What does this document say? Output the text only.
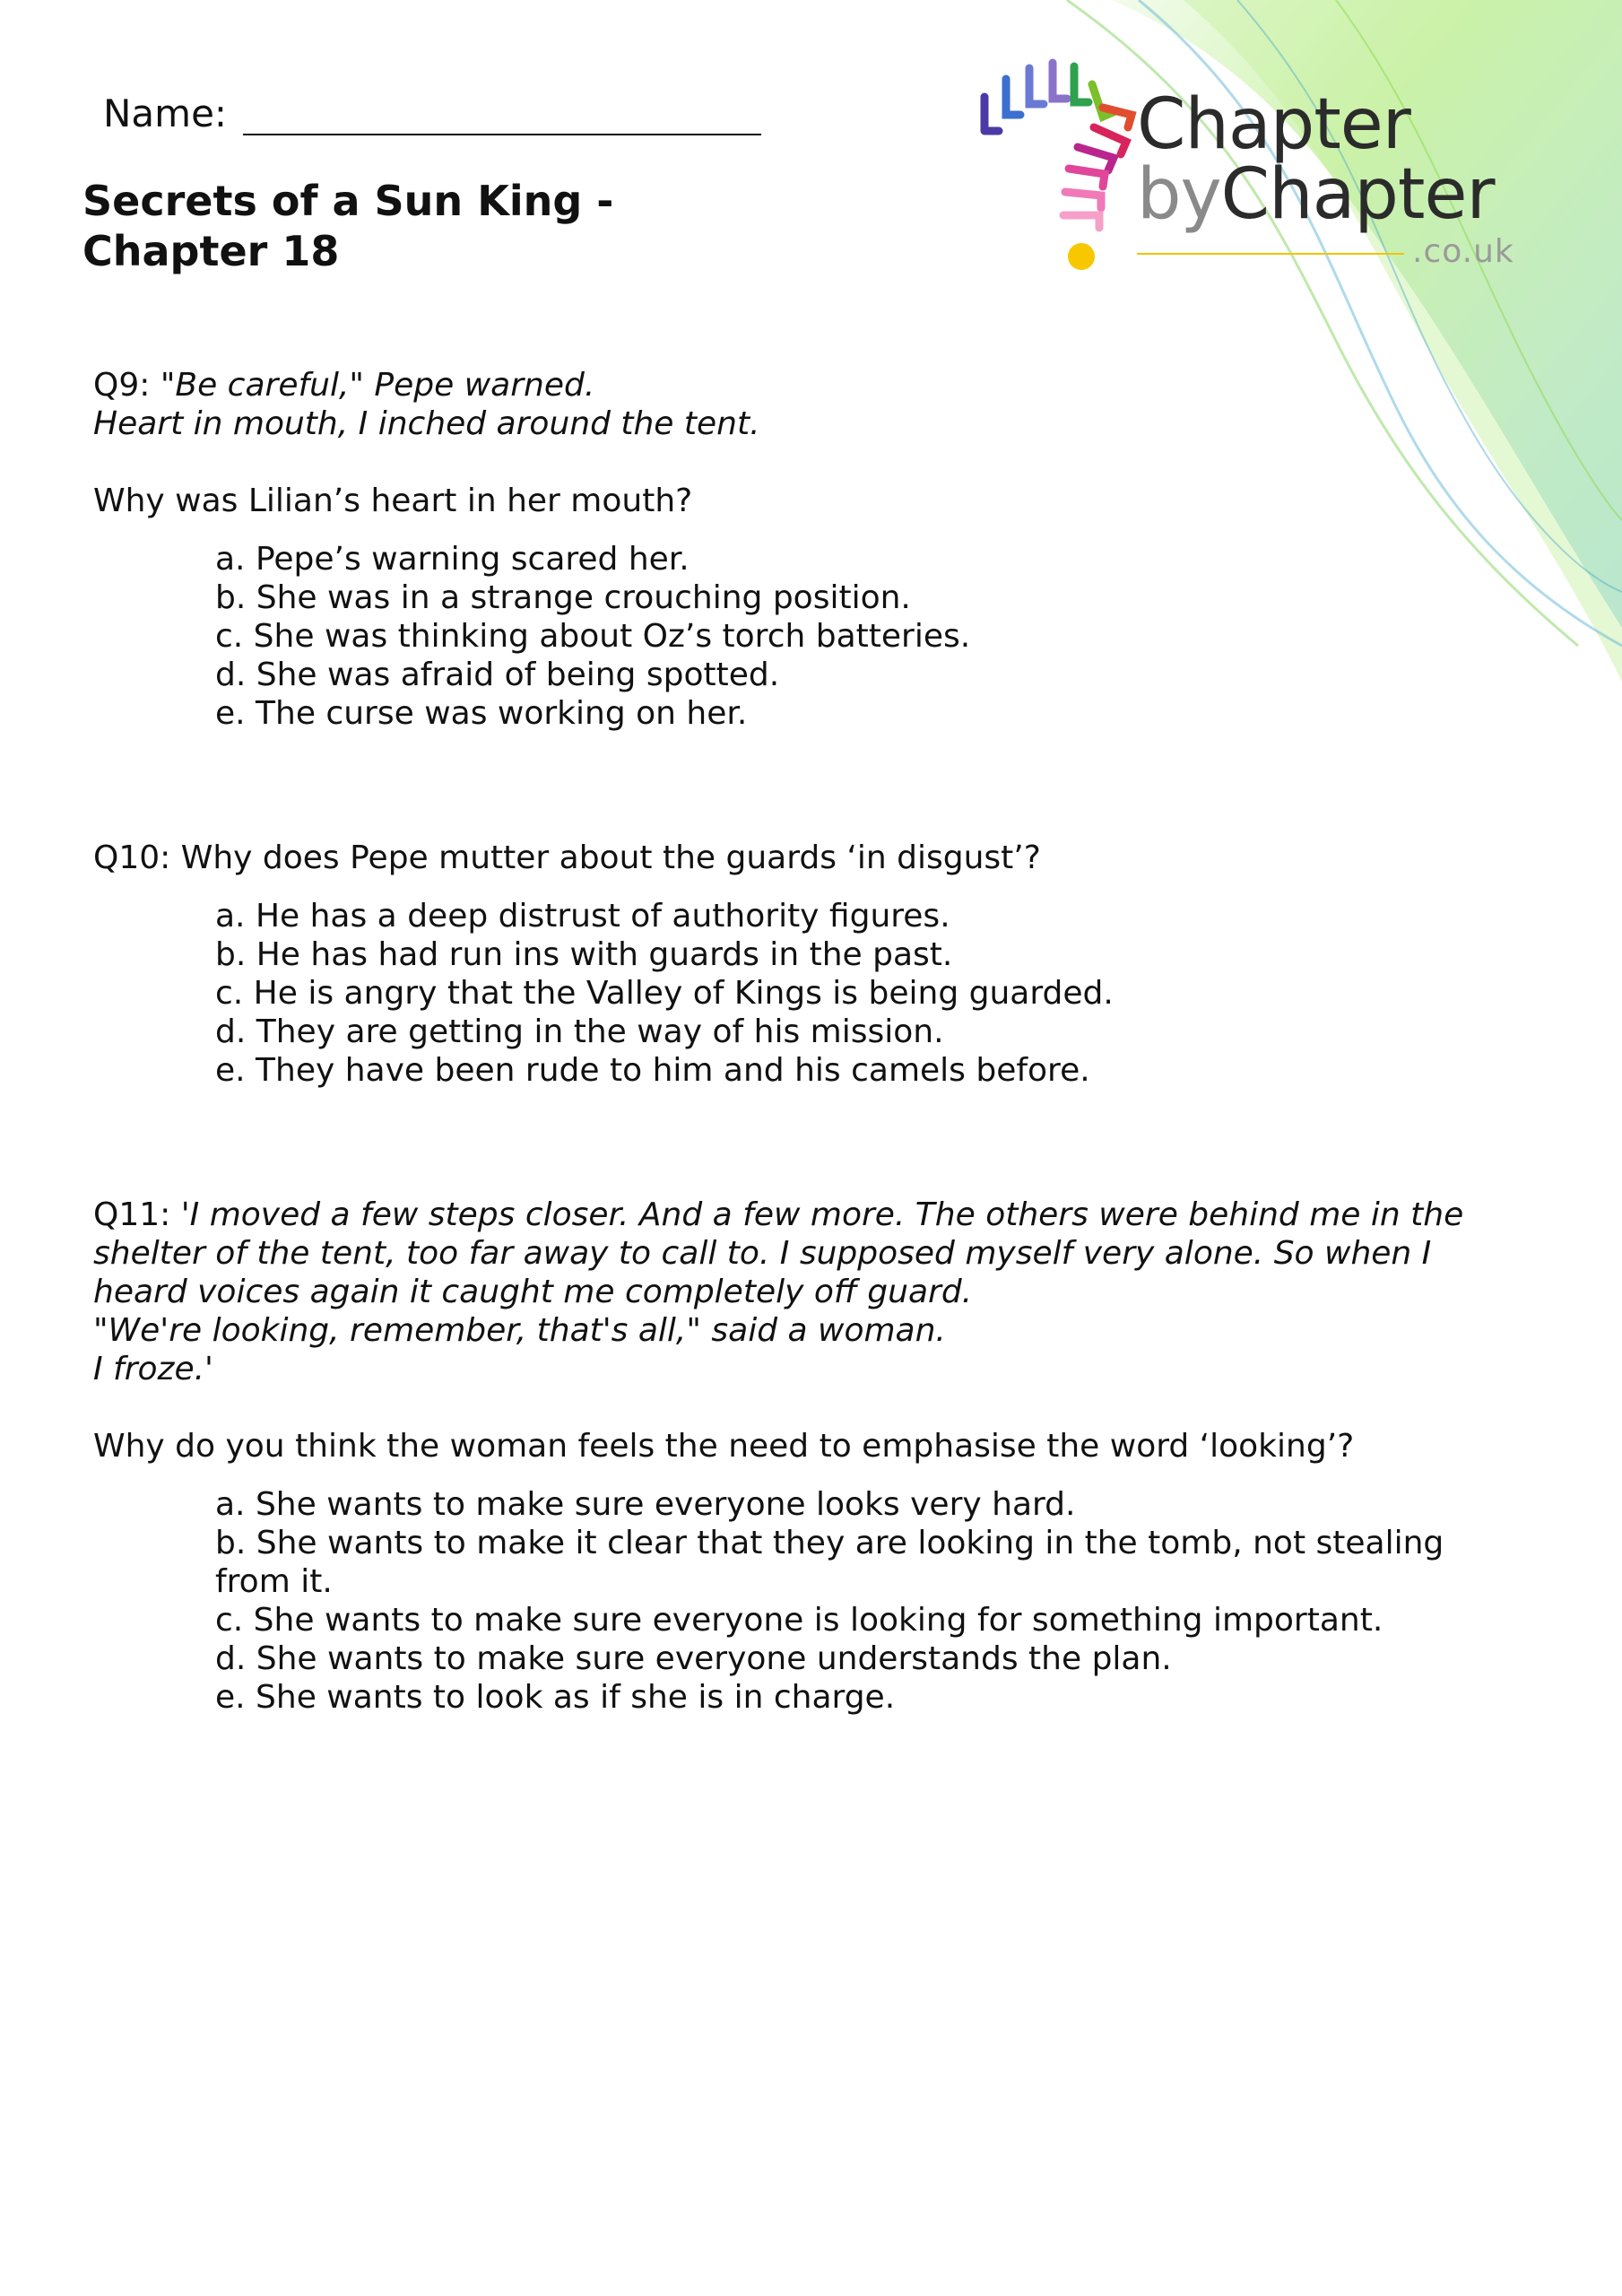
Chapter
byChapter
.co.uk
Name:
Secrets of a Sun King - Chapter 18
Q9: "Be careful," Pepe warned.
Heart in mouth, I inched around the tent.
Why was Lilian’s heart in her mouth?
a. Pepe’s warning scared her.
b. She was in a strange crouching position.
c. She was thinking about Oz’s torch batteries.
d. She was afraid of being spotted.
e. The curse was working on her.
Q10: Why does Pepe mutter about the guards ‘in disgust’?
a. He has a deep distrust of authority figures.
b. He has had run ins with guards in the past.
c. He is angry that the Valley of Kings is being guarded.
d. They are getting in the way of his mission.
e. They have been rude to him and his camels before.
Q11: 'I moved a few steps closer. And a few more. The others were behind me in the
shelter of the tent, too far away to call to. I supposed myself very alone. So when I
heard voices again it caught me completely off guard.
"We're looking, remember, that's all," said a woman.
I froze.'
Why do you think the woman feels the need to emphasise the word ‘looking’?
a. She wants to make sure everyone looks very hard.
b. She wants to make it clear that they are looking in the tomb, not stealing from it.
c. She wants to make sure everyone is looking for something important.
d. She wants to make sure everyone understands the plan.
e. She wants to look as if she is in charge.
